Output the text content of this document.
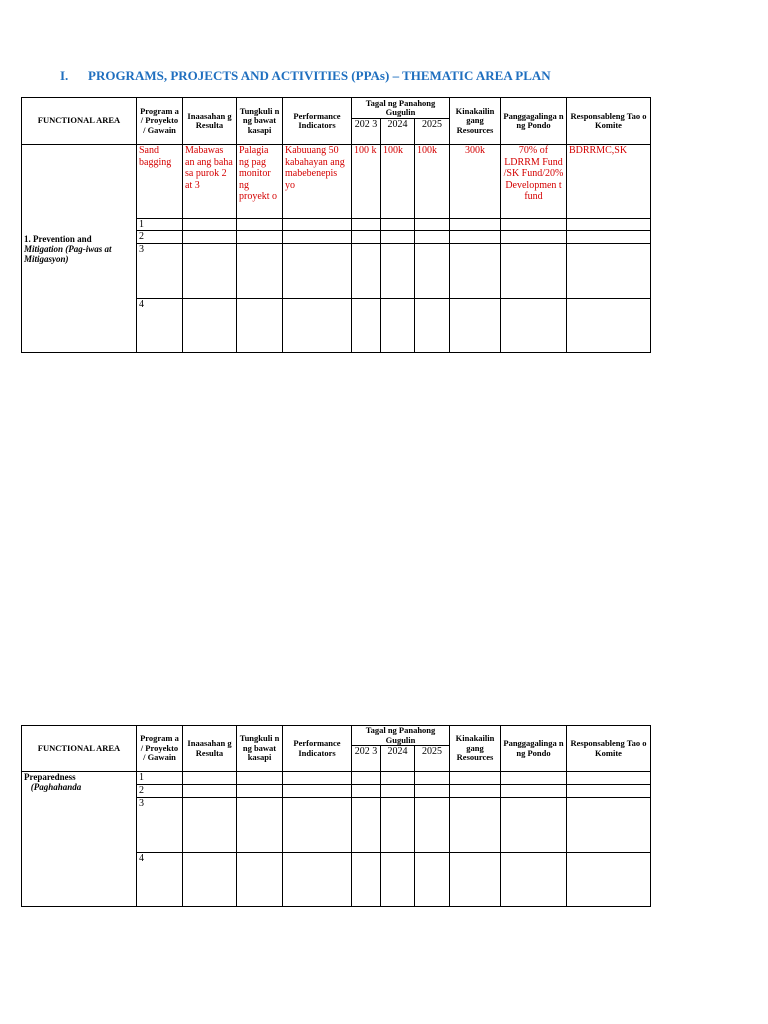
I. PROGRAMS, PROJECTS AND ACTIVITIES (PPAs) – THEMATIC AREA PLAN
FUNCTIONAL AREA	Program a / Proyekto / Gawain	Inaasahan g Resulta	Tungkuli n ng bawat kasapi	Performance Indicators	Tagal ng Panahong Gugulin			Kinakailin gang Resources	Panggagalinga n ng Pondo	Responsableng Tao o Komite
					202 3	2024	2025			
1. Prevention and
Mitigation (Pag-iwas at Mitigasyon)	Sand bagging	Mabawas an ang baha sa purok 2 at 3	Palagia ng pag monitor ng proyekt o	Kabuuang 50 kabahayan ang mabebenepis yo	100 k	100k	100k	300k	70% of LDRRM Fund /SK Fund/20% Developmen t fund	BDRRMC,SK
	1									
	2									
	3									
	4									
FUNCTIONAL AREA	Program a / Proyekto / Gawain	Inaasahan g Resulta	Tungkuli n ng bawat kasapi	Performance Indicators	Tagal ng Panahong Gugulin			Kinakailin gang Resources	Panggagalinga n ng Pondo	Responsableng Tao o Komite
					202 3	2024	2025			
Preparedness
(Paghahanda	1									
	2									
	3									
	4									
